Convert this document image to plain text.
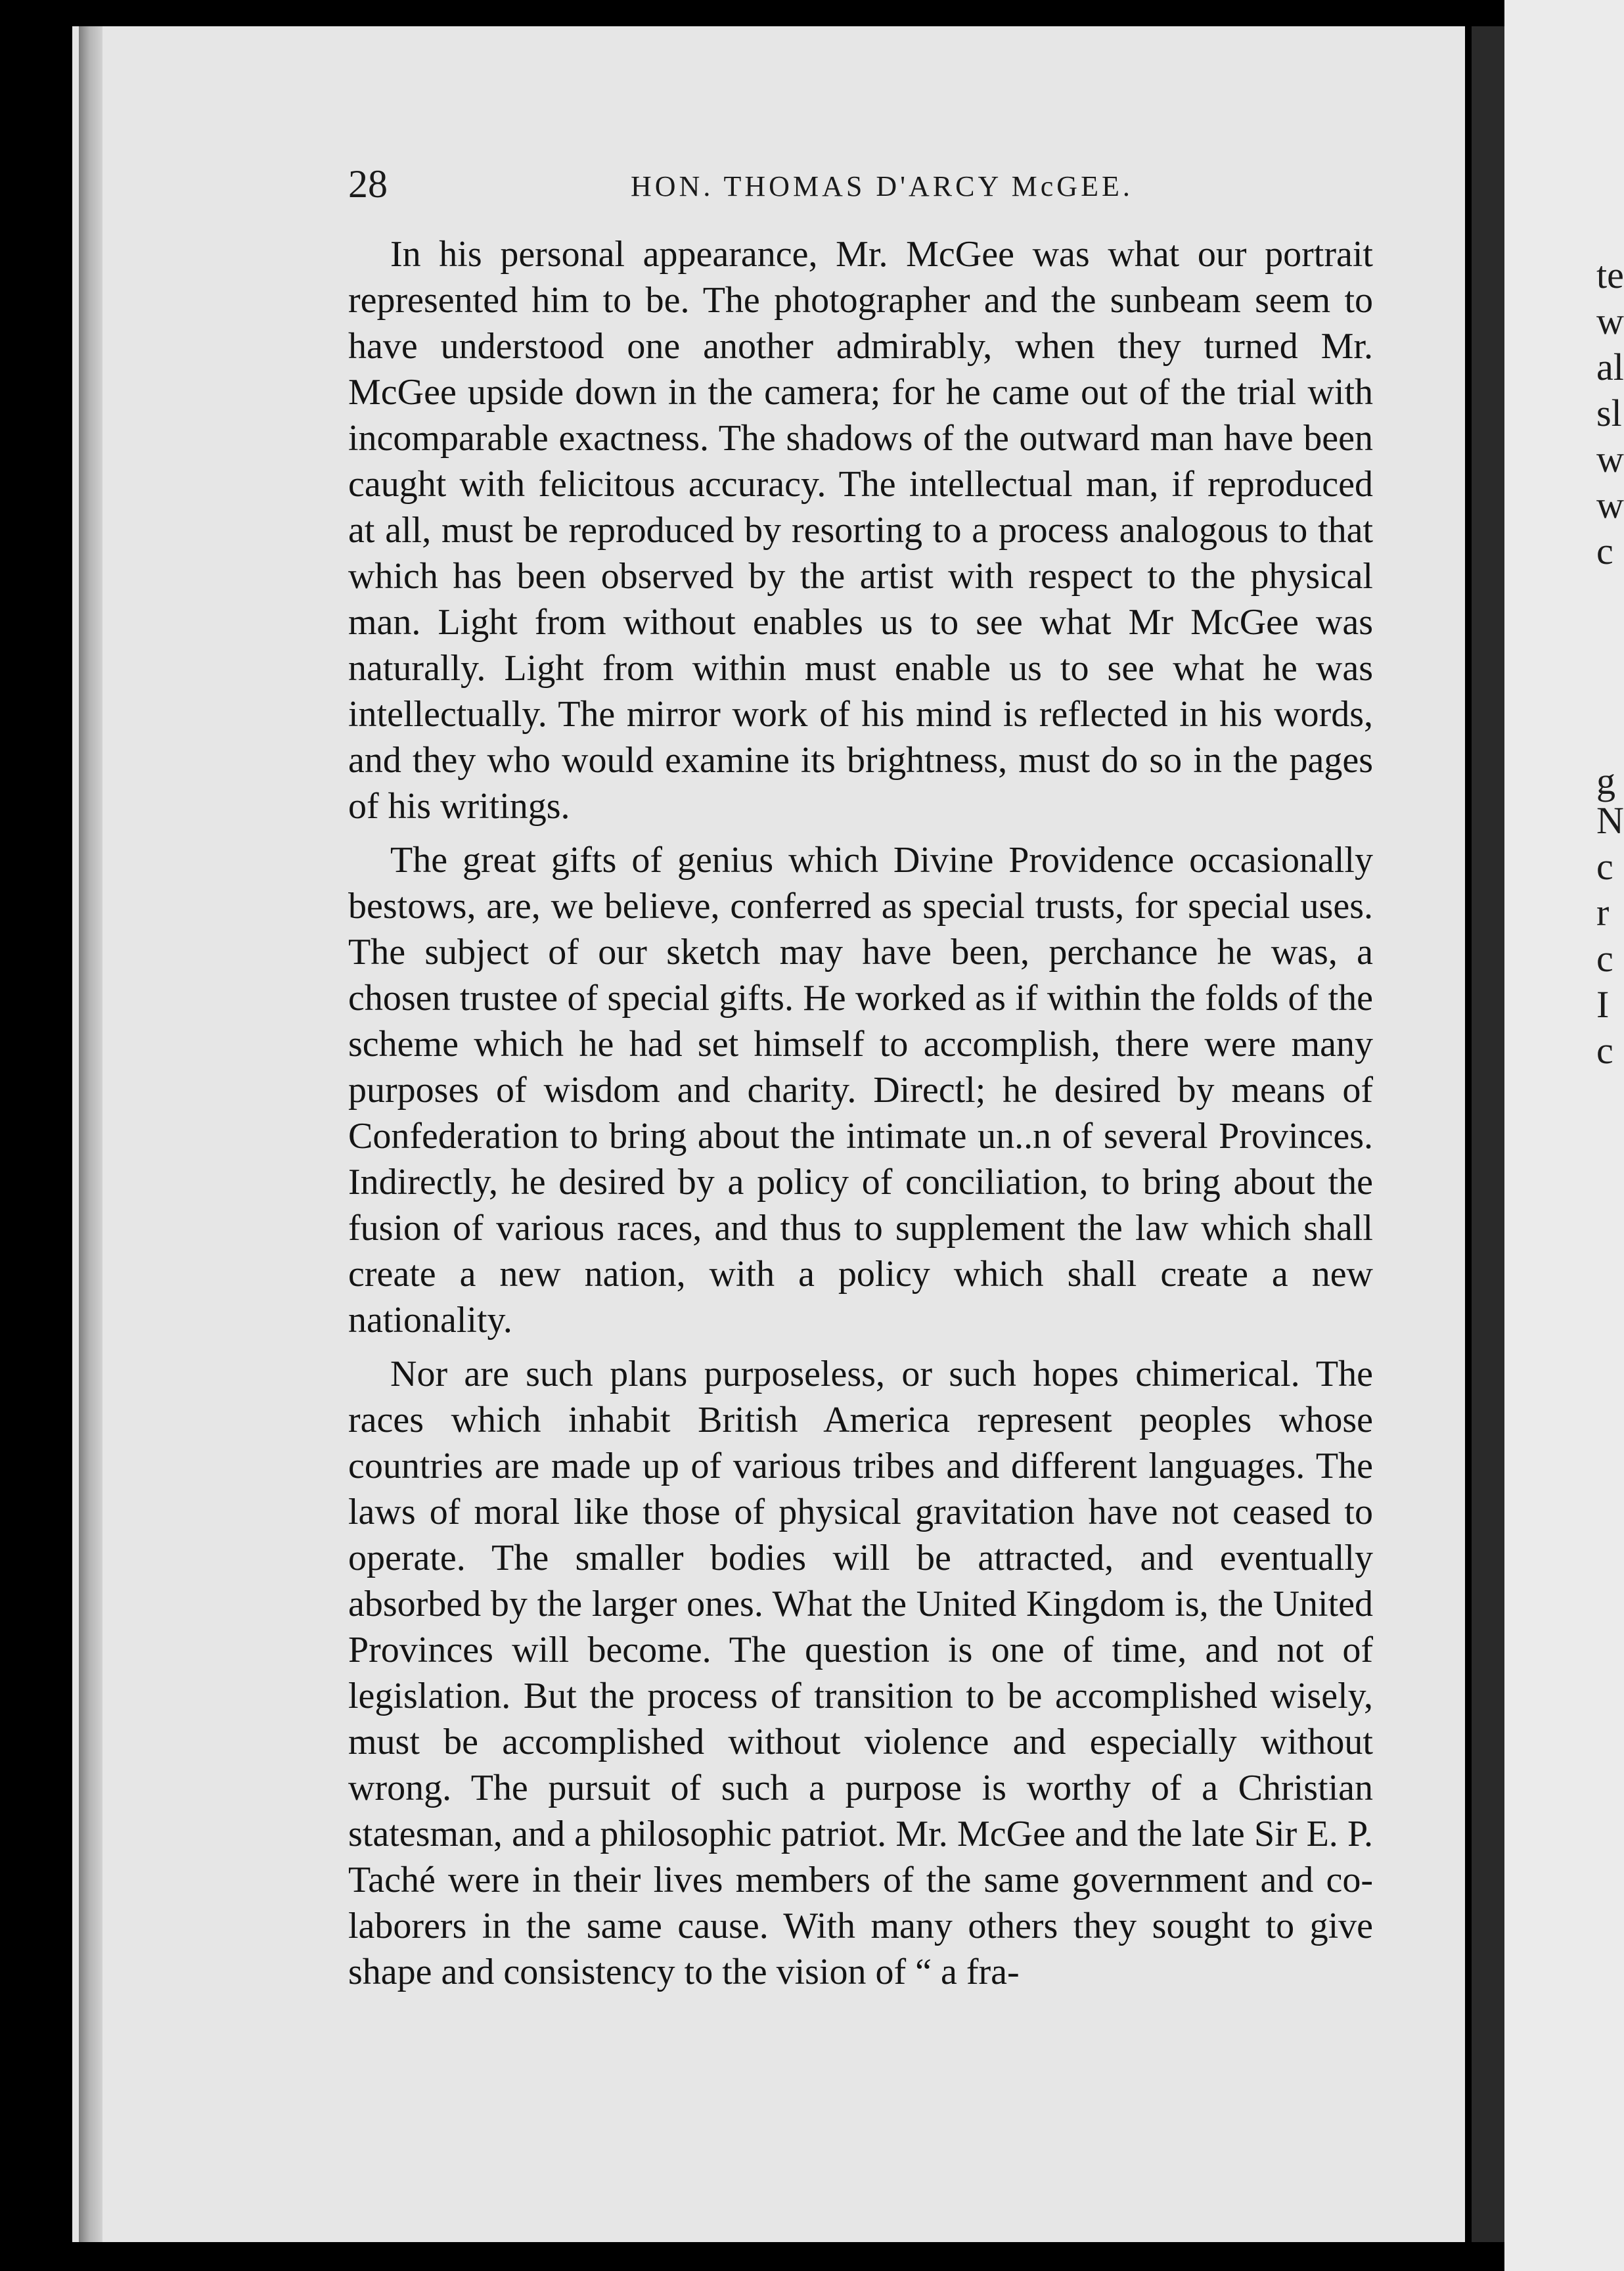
te
w
al
sl
w
w
c
g
N
c
r
c
I
c
28	HON. THOMAS D'ARCY McGEE.

In his personal appearance, Mr. McGee was what our portrait represented him to be. The photographer and the sunbeam seem to have understood one another admirably, when they turned Mr. McGee upside down in the camera; for he came out of the trial with incomparable exactness. The shadows of the outward man have been caught with felicitous accuracy. The intellectual man, if reproduced at all, must be reproduced by resorting to a process analogous to that which has been observed by the artist with respect to the physical man. Light from without enables us to see what Mr McGee was naturally. Light from within must enable us to see what he was intellectually. The mirror work of his mind is reflected in his words, and they who would examine its brightness, must do so in the pages of his writings.

The great gifts of genius which Divine Providence occasionally bestows, are, we believe, conferred as special trusts, for special uses. The subject of our sketch may have been, perchance he was, a chosen trustee of special gifts. He worked as if within the folds of the scheme which he had set himself to accomplish, there were many purposes of wisdom and charity. Directl; he desired by means of Confederation to bring about the intimate un..n of several Provinces. Indirectly, he desired by a policy of conciliation, to bring about the fusion of various races, and thus to supplement the law which shall create a new nation, with a policy which shall create a new nationality.

Nor are such plans purposeless, or such hopes chimerical. The races which inhabit British America represent peoples whose countries are made up of various tribes and different languages. The laws of moral like those of physical gravitation have not ceased to operate. The smaller bodies will be attracted, and eventually absorbed by the larger ones. What the United Kingdom is, the United Provinces will become. The question is one of time, and not of legislation. But the process of transition to be accomplished wisely, must be accomplished without violence and especially without wrong. The pursuit of such a purpose is worthy of a Christian statesman, and a philosophic patriot. Mr. McGee and the late Sir E. P. Taché were in their lives members of the same government and co-laborers in the same cause. With many others they sought to give shape and consistency to the vision of “ a fra-
